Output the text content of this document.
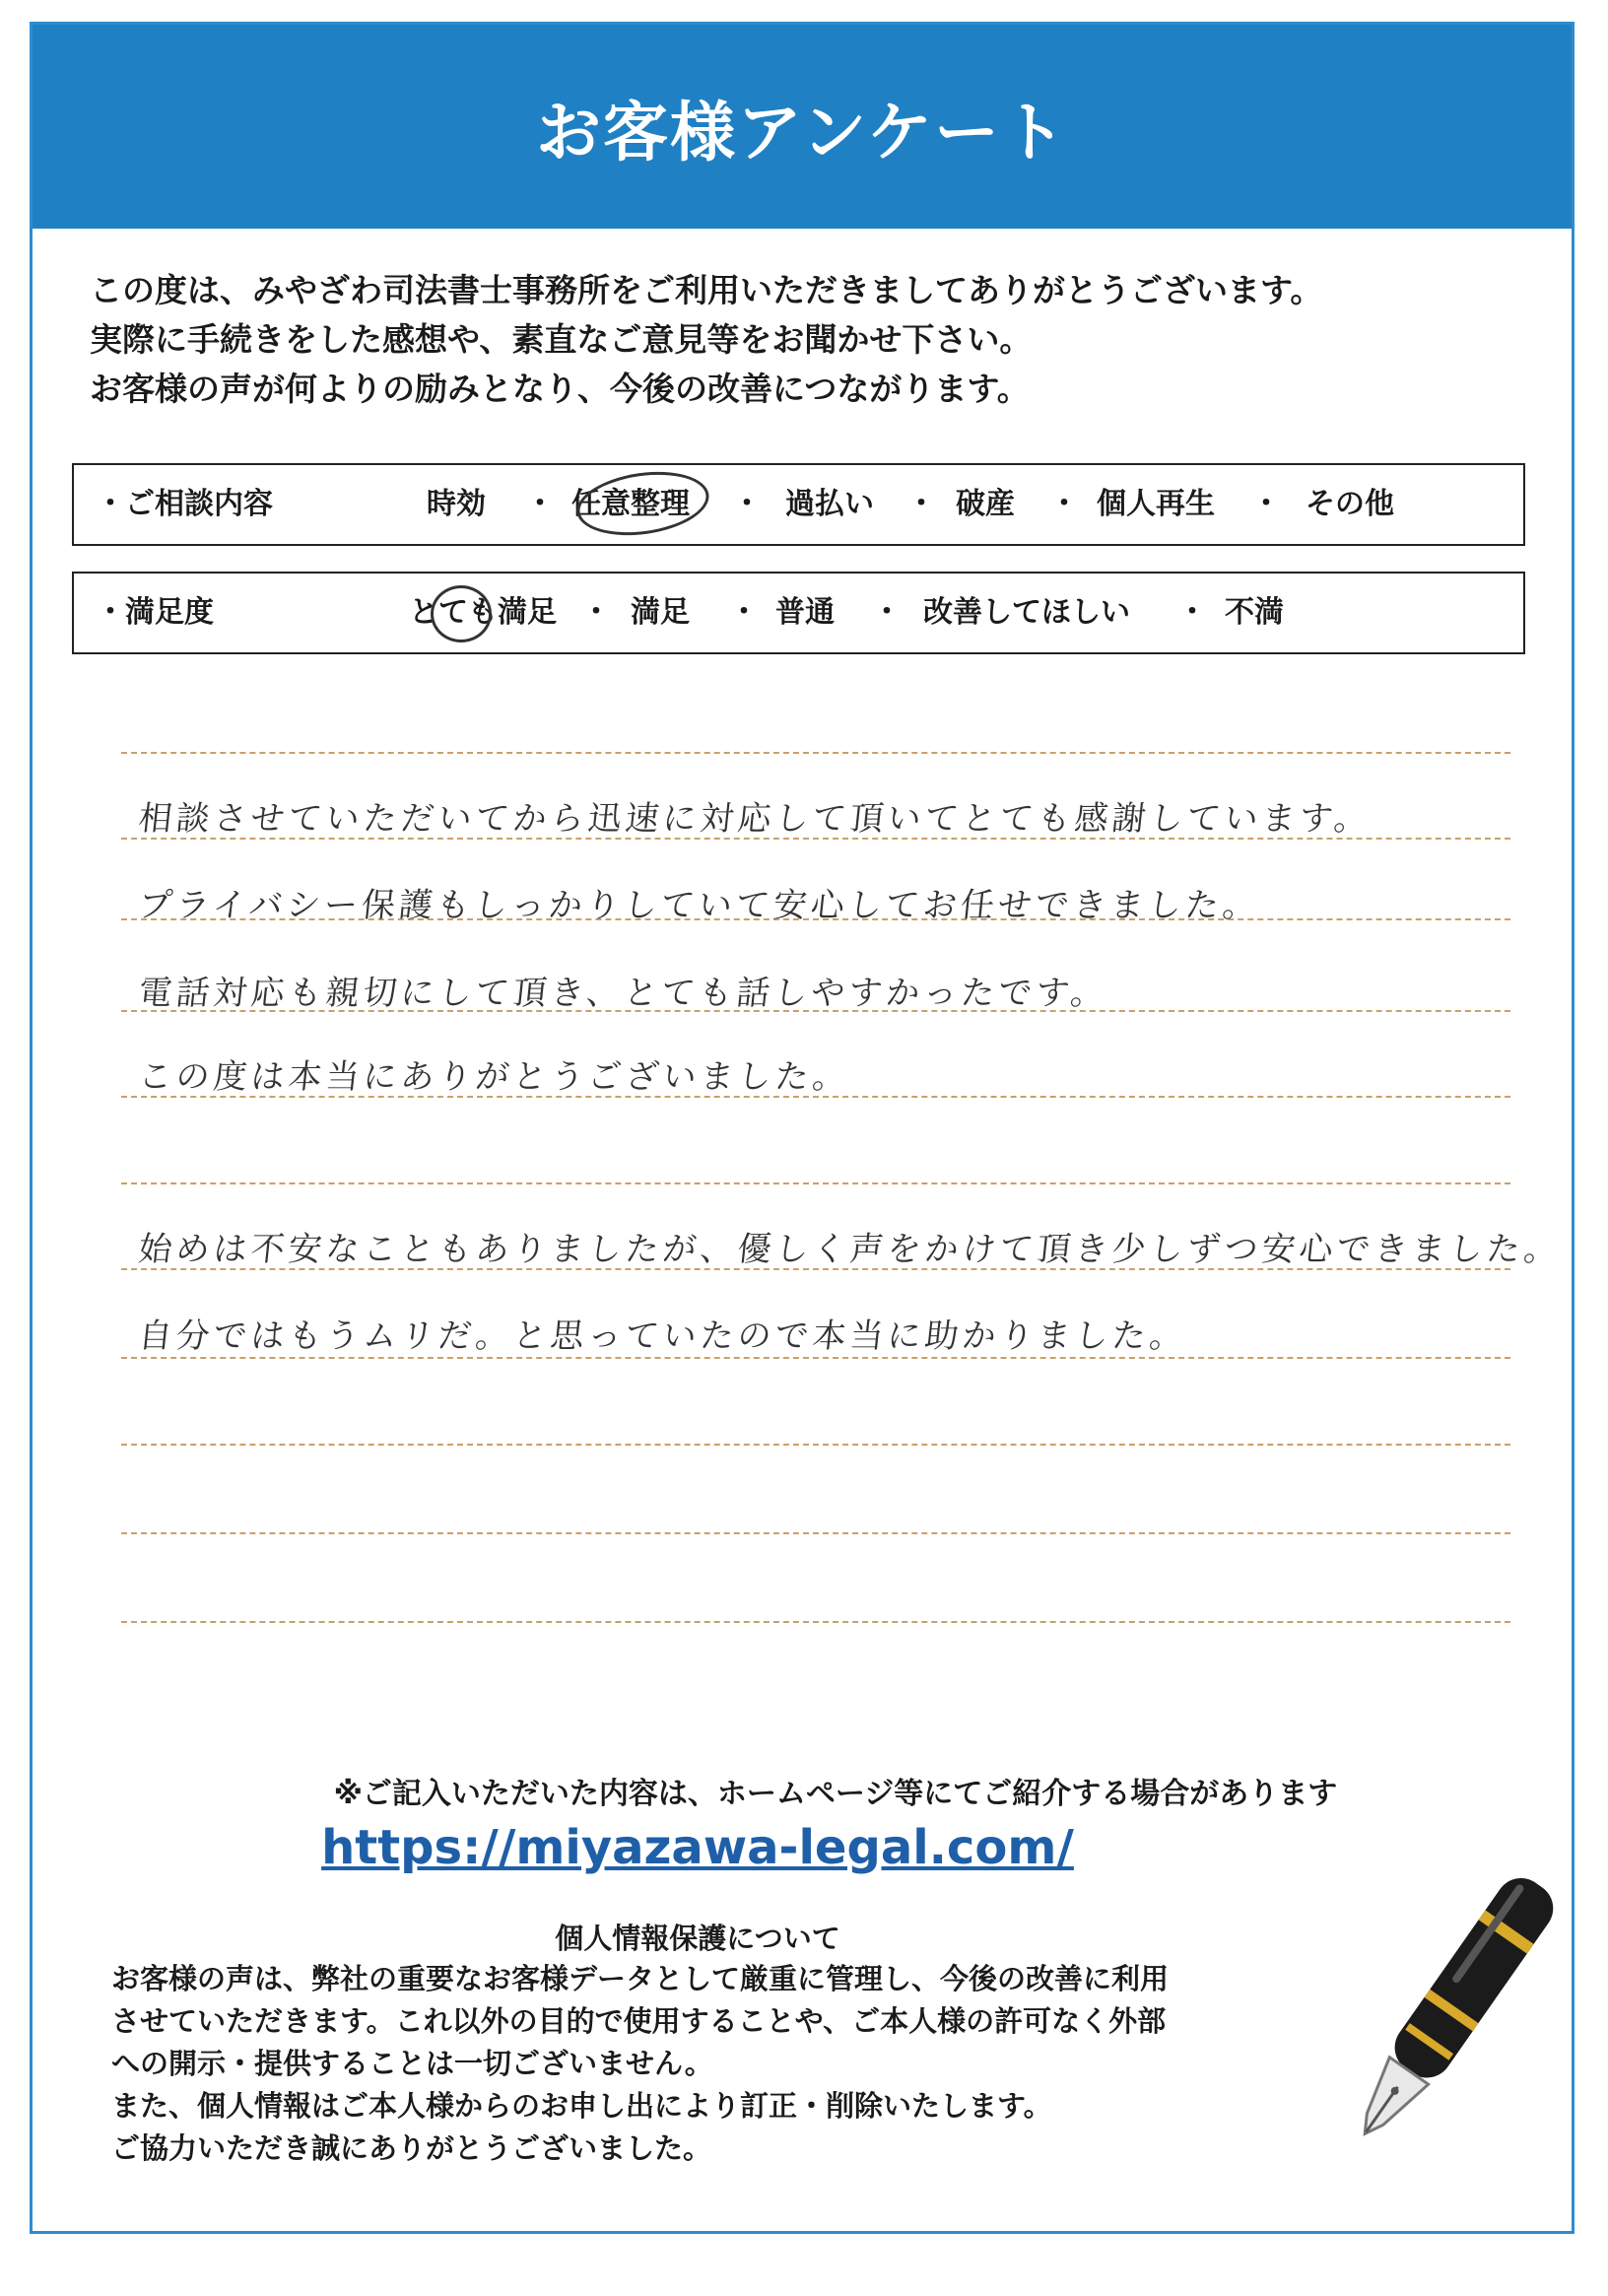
お客様アンケート
この度は、みやざわ司法書士事務所をご利用いただきましてありがとうございます。
実際に手続きをした感想や、素直なご意見等をお聞かせ下さい。
お客様の声が何よりの励みとなり、今後の改善につながります。
・ご相談内容	時効 ・ 任意整理 ・ 過払い ・ 破産 ・ 個人再生 ・ その他
・満足度	とても満足 ・ 満足 ・ 普通 ・ 改善してほしい ・ 不満
相談させていただいてから迅速に対応して頂いてとても感謝しています。
プライバシー保護もしっかりしていて安心してお任せできました。
電話対応も親切にして頂き、とても話しやすかったです。
この度は本当にありがとうございました。
始めは不安なこともありましたが、優しく声をかけて頂き少しずつ安心できました。
自分ではもうムリだ。と思っていたので本当に助かりました。
※ご記入いただいた内容は、ホームページ等にてご紹介する場合があります
https://miyazawa-legal.com/
個人情報保護について
お客様の声は、弊社の重要なお客様データとして厳重に管理し、今後の改善に利用
させていただきます。これ以外の目的で使用することや、ご本人様の許可なく外部
への開示・提供することは一切ございません。
また、個人情報はご本人様からのお申し出により訂正・削除いたします。
ご協力いただき誠にありがとうございました。
